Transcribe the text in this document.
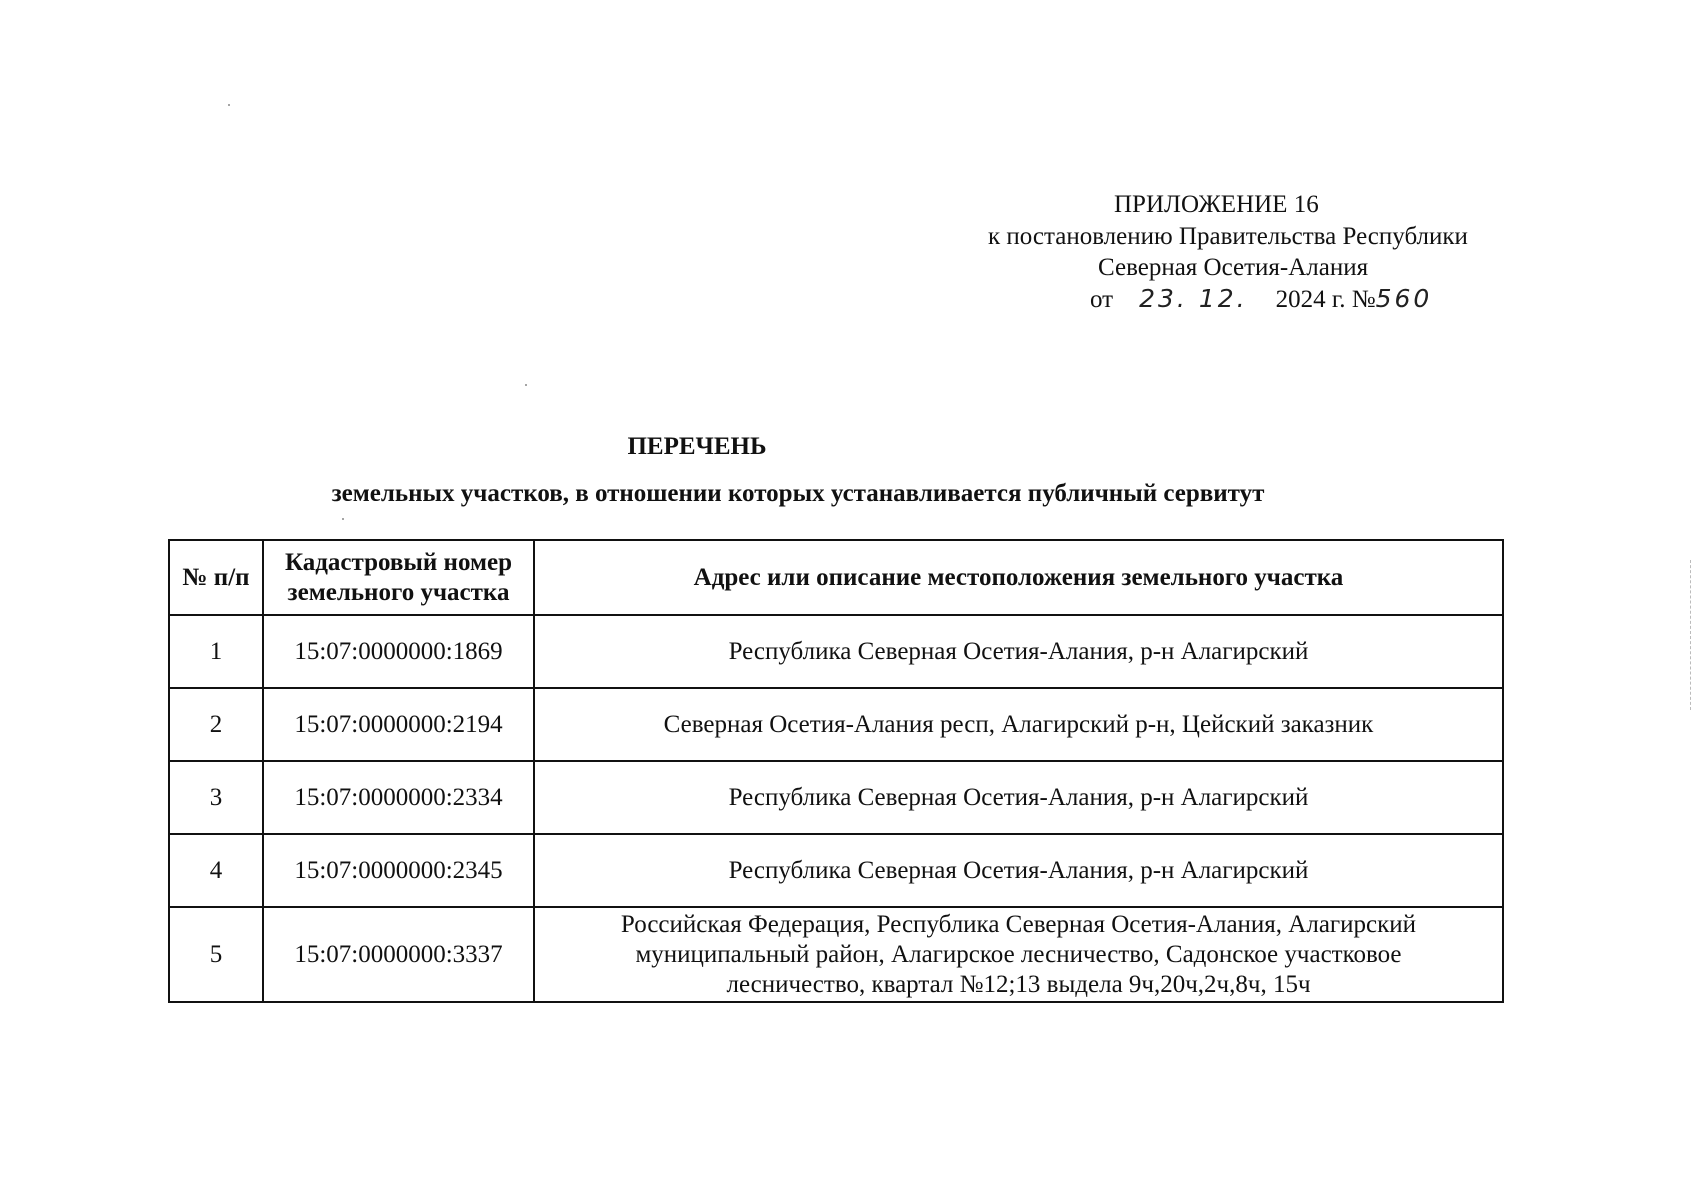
ПРИЛОЖЕНИЕ 16
к постановлению Правительства Республики
Северная Осетия-Алания
от 23. 12. 2024 г. №560
ПЕРЕЧЕНЬ
земельных участков, в отношении которых устанавливается публичный сервитут
№ п/п	Кадастровый номер земельного участка	Адрес или описание местоположения земельного участка
1	15:07:0000000:1869	Республика Северная Осетия-Алания, р-н Алагирский
2	15:07:0000000:2194	Северная Осетия-Алания респ, Алагирский р-н, Цейский заказник
3	15:07:0000000:2334	Республика Северная Осетия-Алания, р-н Алагирский
4	15:07:0000000:2345	Республика Северная Осетия-Алания, р-н Алагирский
5	15:07:0000000:3337	Российская Федерация, Республика Северная Осетия-Алания, Алагирский
муниципальный район, Алагирское лесничество, Садонское участковое
лесничество, квартал №12;13 выдела 9ч,20ч,2ч,8ч, 15ч
